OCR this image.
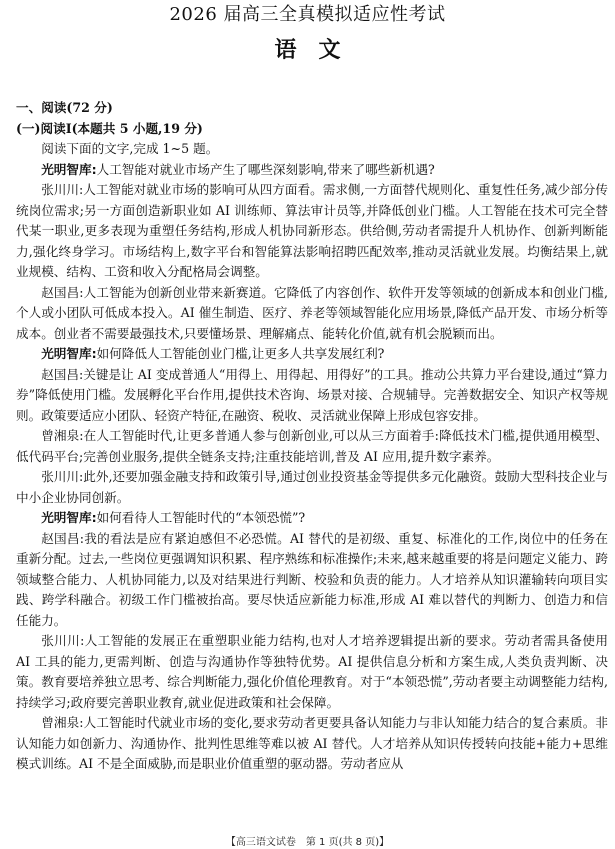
2026 届高三全真模拟适应性考试
语　文

一、阅读(72 分)

(一)阅读Ⅰ(本题共 5 小题,19 分)

阅读下面的文字,完成 1~5 题。

光明智库:人工智能对就业市场产生了哪些深刻影响,带来了哪些新机遇?

张川川:人工智能对就业市场的影响可从四方面看。需求侧,一方面替代规则化、重复性任务,减少部分传统岗位需求;另一方面创造新职业如 AI 训练师、算法审计员等,并降低创业门槛。人工智能在技术可完全替代某一职业,更多表现为重塑任务结构,形成人机协同新形态。供给侧,劳动者需提升人机协作、创新判断能力,强化终身学习。市场结构上,数字平台和智能算法影响招聘匹配效率,推动灵活就业发展。均衡结果上,就业规模、结构、工资和收入分配格局会调整。

赵国昌:人工智能为创新创业带来新赛道。它降低了内容创作、软件开发等领域的创新成本和创业门槛,个人或小团队可低成本投入。AI 催生制造、医疗、养老等领域智能化应用场景,降低产品开发、市场分析等成本。创业者不需要最强技术,只要懂场景、理解痛点、能转化价值,就有机会脱颖而出。

光明智库:如何降低人工智能创业门槛,让更多人共享发展红利?

赵国昌:关键是让 AI 变成普通人“用得上、用得起、用得好”的工具。推动公共算力平台建设,通过“算力券”降低使用门槛。发展孵化平台作用,提供技术咨询、场景对接、合规辅导。完善数据安全、知识产权等规则。政策要适应小团队、轻资产特征,在融资、税收、灵活就业保障上形成包容安排。

曾湘泉:在人工智能时代,让更多普通人参与创新创业,可以从三方面着手:降低技术门槛,提供通用模型、低代码平台;完善创业服务,提供全链条支持;注重技能培训,普及 AI 应用,提升数字素养。

张川川:此外,还要加强金融支持和政策引导,通过创业投资基金等提供多元化融资。鼓励大型科技企业与中小企业协同创新。

光明智库:如何看待人工智能时代的“本领恐慌”?

赵国昌:我的看法是应有紧迫感但不必恐慌。AI 替代的是初级、重复、标准化的工作,岗位中的任务在重新分配。过去,一些岗位更强调知识积累、程序熟练和标准操作;未来,越来越重要的将是问题定义能力、跨领域整合能力、人机协同能力,以及对结果进行判断、校验和负责的能力。人才培养从知识灌输转向项目实践、跨学科融合。初级工作门槛被抬高。要尽快适应新能力标准,形成 AI 难以替代的判断力、创造力和信任能力。

张川川:人工智能的发展正在重塑职业能力结构,也对人才培养逻辑提出新的要求。劳动者需具备使用 AI 工具的能力,更需判断、创造与沟通协作等独特优势。AI 提供信息分析和方案生成,人类负责判断、决策。教育要培养独立思考、综合判断能力,强化价值伦理教育。对于“本领恐慌”,劳动者要主动调整能力结构,持续学习;政府要完善职业教育,就业促进政策和社会保障。

曾湘泉:人工智能时代就业市场的变化,要求劳动者更要具备认知能力与非认知能力结合的复合素质。非认知能力如创新力、沟通协作、批判性思维等难以被 AI 替代。人才培养从知识传授转向技能+能力+思维模式训练。AI 不是全面威胁,而是职业价值重塑的驱动器。劳动者应从

【高三语文试卷　第 1 页(共 8 页)】
